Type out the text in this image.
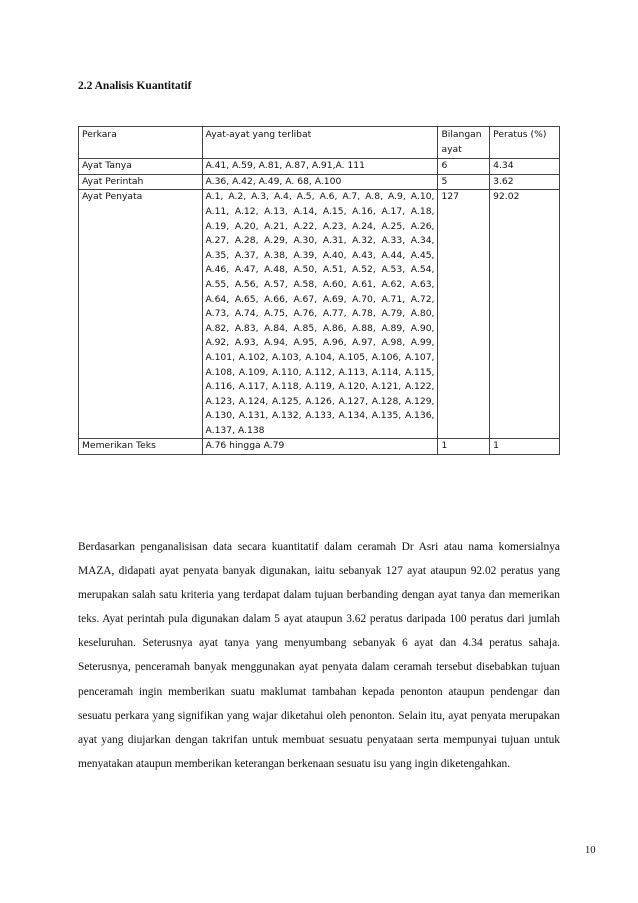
2.2 Analisis Kuantitatif
Perkara	Ayat-ayat yang terlibat	Bilangan ayat	Peratus (%)
Ayat Tanya	A.41, A.59, A.81, A.87, A.91,A. 111	6	4.34
Ayat Perintah	A.36, A.42, A.49, A. 68, A.100	5	3.62
Ayat Penyata	A.1, A.2, A.3, A.4, A.5, A.6, A.7, A.8, A.9, A.10, A.11, A.12, A.13, A.14, A.15, A.16, A.17, A.18, A.19, A.20, A.21, A.22, A.23, A.24, A.25, A.26, A.27, A.28, A.29, A.30, A.31, A.32, A.33, A.34, A.35, A.37, A.38, A.39, A.40, A.43, A.44, A.45, A.46, A.47, A.48, A.50, A.51, A.52, A.53, A.54, A.55, A.56, A.57, A.58, A.60, A.61, A.62, A.63, A.64, A.65, A.66, A.67, A.69, A.70, A.71, A.72, A.73, A.74, A.75, A.76, A.77, A.78, A.79, A.80, A.82, A.83, A.84, A.85, A.86, A.88, A.89, A.90, A.92, A.93, A.94, A.95, A.96, A.97, A.98, A.99, A.101, A.102, A.103, A.104, A.105, A.106, A.107, A.108, A.109, A.110, A.112, A.113, A.114, A.115, A.116, A.117, A.118, A.119, A.120, A.121, A.122, A.123, A.124, A.125, A.126, A.127, A.128, A.129, A.130, A.131, A.132, A.133, A.134, A.135, A.136, A.137, A.138	127	92.02
Memerikan Teks	A.76 hingga A.79	1	1

Berdasarkan penganalisisan data secara kuantitatif dalam ceramah Dr Asri atau nama komersialnya MAZA, didapati ayat penyata banyak digunakan, iaitu sebanyak 127 ayat ataupun 92.02 peratus yang merupakan salah satu kriteria yang terdapat dalam tujuan berbanding dengan ayat tanya dan memerikan teks. Ayat perintah pula digunakan dalam 5 ayat ataupun 3.62 peratus daripada 100 peratus dari jumlah keseluruhan. Seterusnya ayat tanya yang menyumbang sebanyak 6 ayat dan 4.34 peratus sahaja. Seterusnya, penceramah banyak menggunakan ayat penyata dalam ceramah tersebut disebabkan tujuan penceramah ingin memberikan suatu maklumat tambahan kepada penonton ataupun pendengar dan sesuatu perkara yang signifikan yang wajar diketahui oleh penonton. Selain itu, ayat penyata merupakan ayat yang diujarkan dengan takrifan untuk membuat sesuatu penyataan serta mempunyai tujuan untuk menyatakan ataupun memberikan keterangan berkenaan sesuatu isu yang ingin diketengahkan.

10
